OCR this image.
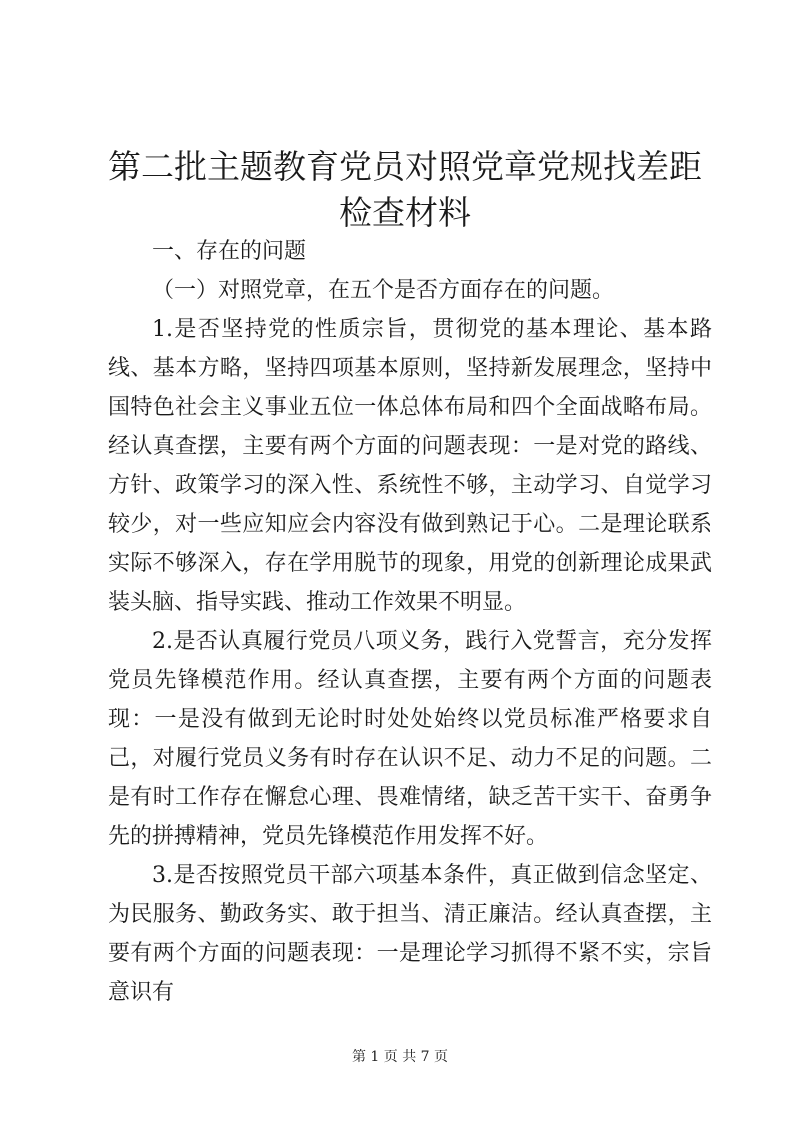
第二批主题教育党员对照党章党规找差距检查材料

一、存在的问题

（一）对照党章，在五个是否方面存在的问题。

1.是否坚持党的性质宗旨，贯彻党的基本理论、基本路线、基本方略，坚持四项基本原则，坚持新发展理念，坚持中国特色社会主义事业五位一体总体布局和四个全面战略布局。经认真查摆，主要有两个方面的问题表现：一是对党的路线、方针、政策学习的深入性、系统性不够，主动学习、自觉学习较少，对一些应知应会内容没有做到熟记于心。二是理论联系实际不够深入，存在学用脱节的现象，用党的创新理论成果武装头脑、指导实践、推动工作效果不明显。

2.是否认真履行党员八项义务，践行入党誓言，充分发挥党员先锋模范作用。经认真查摆，主要有两个方面的问题表现：一是没有做到无论时时处处始终以党员标准严格要求自己，对履行党员义务有时存在认识不足、动力不足的问题。二是有时工作存在懈怠心理、畏难情绪，缺乏苦干实干、奋勇争先的拼搏精神，党员先锋模范作用发挥不好。

3.是否按照党员干部六项基本条件，真正做到信念坚定、为民服务、勤政务实、敢于担当、清正廉洁。经认真查摆，主要有两个方面的问题表现：一是理论学习抓得不紧不实，宗旨意识有

第 1 页 共 7 页
